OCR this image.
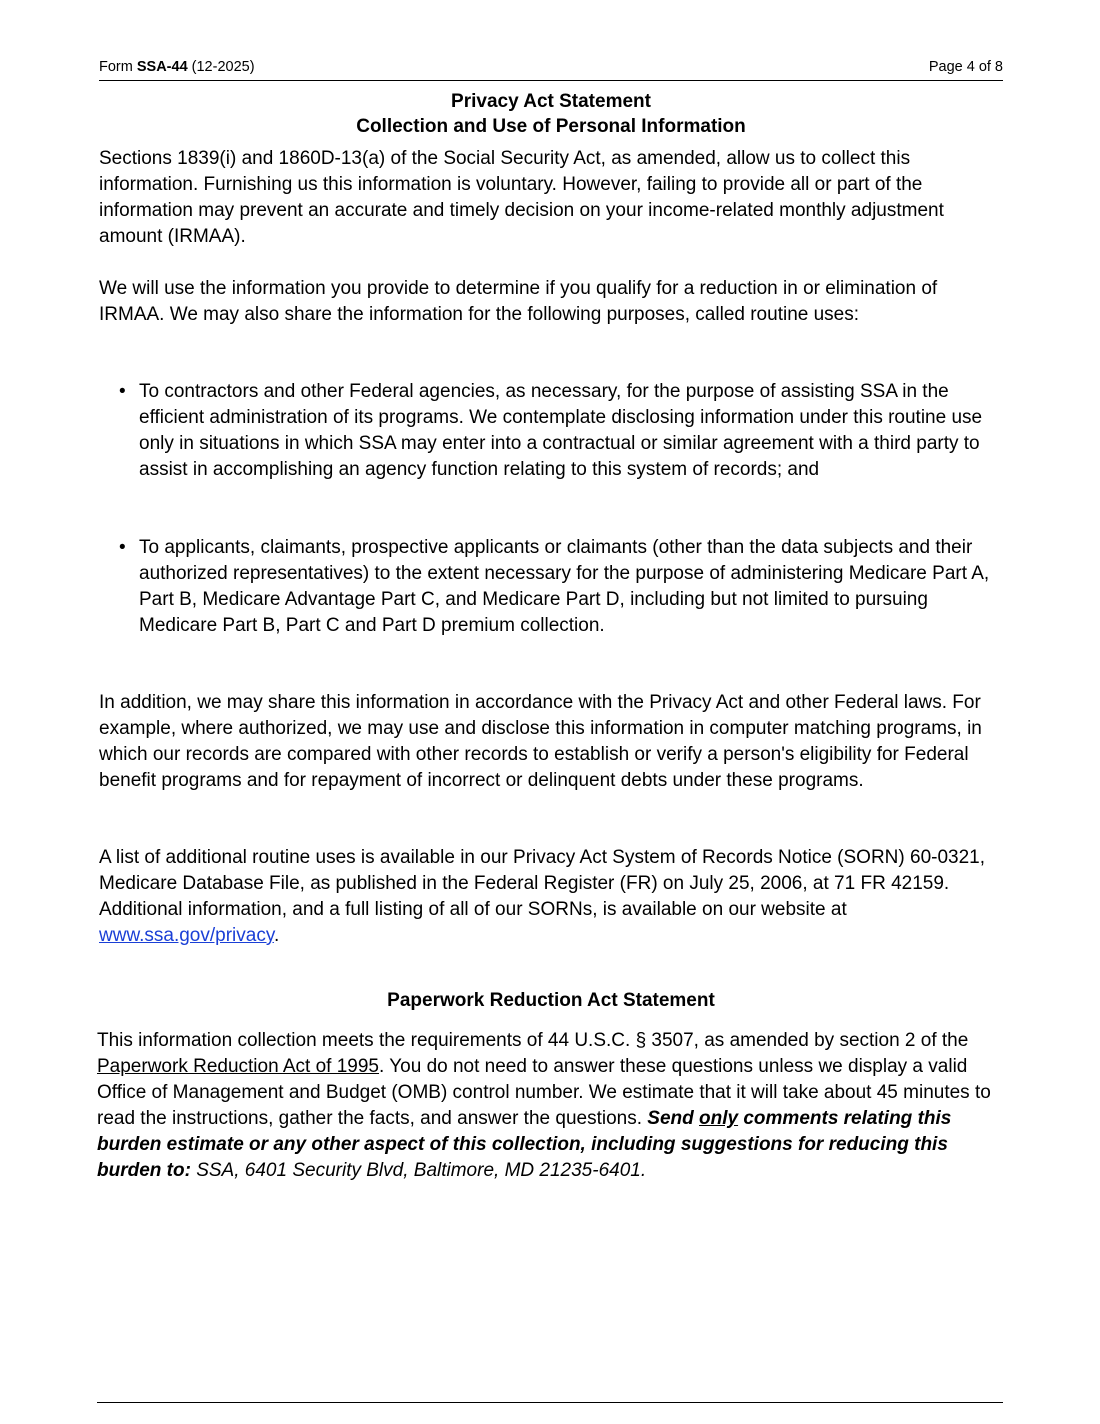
Form SSA-44 (12-2025)	Page 4 of 8
Privacy Act Statement
Collection and Use of Personal Information

Sections 1839(i) and 1860D-13(a) of the Social Security Act, as amended, allow us to collect this information. Furnishing us this information is voluntary. However, failing to provide all or part of the information may prevent an accurate and timely decision on your income-related monthly adjustment amount (IRMAA).

We will use the information you provide to determine if you qualify for a reduction in or elimination of IRMAA. We may also share the information for the following purposes, called routine uses:

• To contractors and other Federal agencies, as necessary, for the purpose of assisting SSA in the efficient administration of its programs. We contemplate disclosing information under this routine use only in situations in which SSA may enter into a contractual or similar agreement with a third party to assist in accomplishing an agency function relating to this system of records; and
• To applicants, claimants, prospective applicants or claimants (other than the data subjects and their authorized representatives) to the extent necessary for the purpose of administering Medicare Part A, Part B, Medicare Advantage Part C, and Medicare Part D, including but not limited to pursuing Medicare Part B, Part C and Part D premium collection.

In addition, we may share this information in accordance with the Privacy Act and other Federal laws. For example, where authorized, we may use and disclose this information in computer matching programs, in which our records are compared with other records to establish or verify a person's eligibility for Federal benefit programs and for repayment of incorrect or delinquent debts under these programs.

A list of additional routine uses is available in our Privacy Act System of Records Notice (SORN) 60-0321, Medicare Database File, as published in the Federal Register (FR) on July 25, 2006, at 71 FR 42159. Additional information, and a full listing of all of our SORNs, is available on our website at www.ssa.gov/privacy.

Paperwork Reduction Act Statement

This information collection meets the requirements of 44 U.S.C. § 3507, as amended by section 2 of the Paperwork Reduction Act of 1995. You do not need to answer these questions unless we display a valid Office of Management and Budget (OMB) control number. We estimate that it will take about 45 minutes to read the instructions, gather the facts, and answer the questions. Send only comments relating this burden estimate or any other aspect of this collection, including suggestions for reducing this burden to: SSA, 6401 Security Blvd, Baltimore, MD 21235-6401.
